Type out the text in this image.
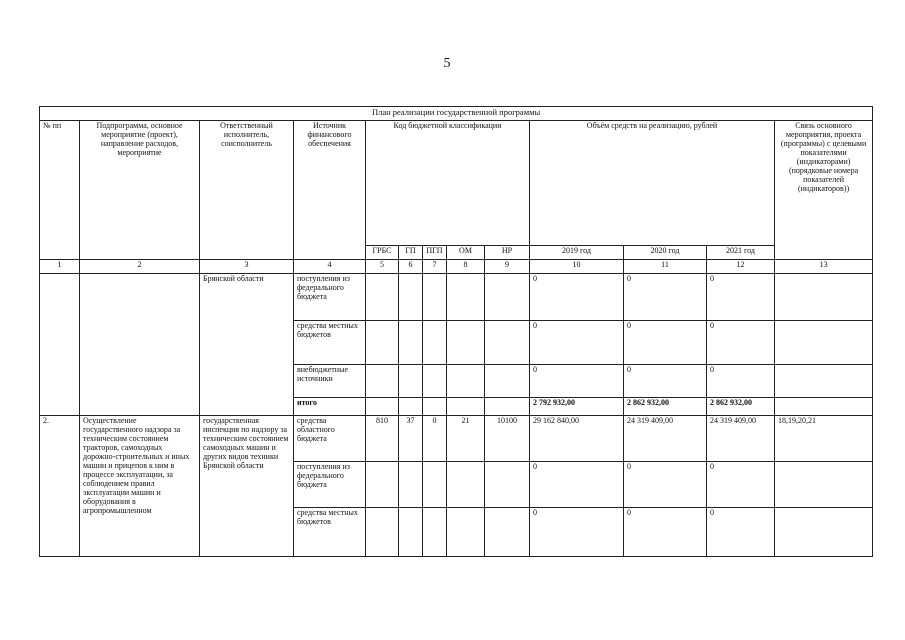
5
План реализации государственной программы												
№ пп	Подпрограмма, основное мероприятие (проект), направление расходов, мероприятие	Ответственный исполнитель, соисполнитель	Источник финансового обеспечения	Код бюджетной классификации					Объём средств на реализацию, рублей			Связь основного мероприятия, проекта (программы) с целевыми показателями (индикаторами) (порядковые номера показателей (индикаторов))
				ГРБС	ГП	ПГП	ОМ	НР	2019 год	2020 год	2021 год	
1	2	3	4	5	6	7	8	9	10	11	12	13
		Брянской области	поступления из федерального бюджета						0	0	0	
			средства местных бюджетов						0	0	0	
			внебюджетные источники						0	0	0	
			итого						2 792 932,00	2 862 932,00	2 862 932,00	
2.	Осуществление государственного надзора за техническим состоянием тракторов, самоходных дорожно-строительных и иных машин и прицепов к ним в процессе эксплуатации, за соблюдением правил эксплуатации машин и оборудования в агропромышленном	государственная инспекция по надзору за техническим состоянием самоходных машин и других видов техники Брянской области	средства областного бюджета	810	37	0	21	10100	29 162 840,00	24 319 409,00	24 319 409,00	18,19,20,21
			поступления из федерального бюджета						0	0	0	
			средства местных бюджетов						0	0	0	
